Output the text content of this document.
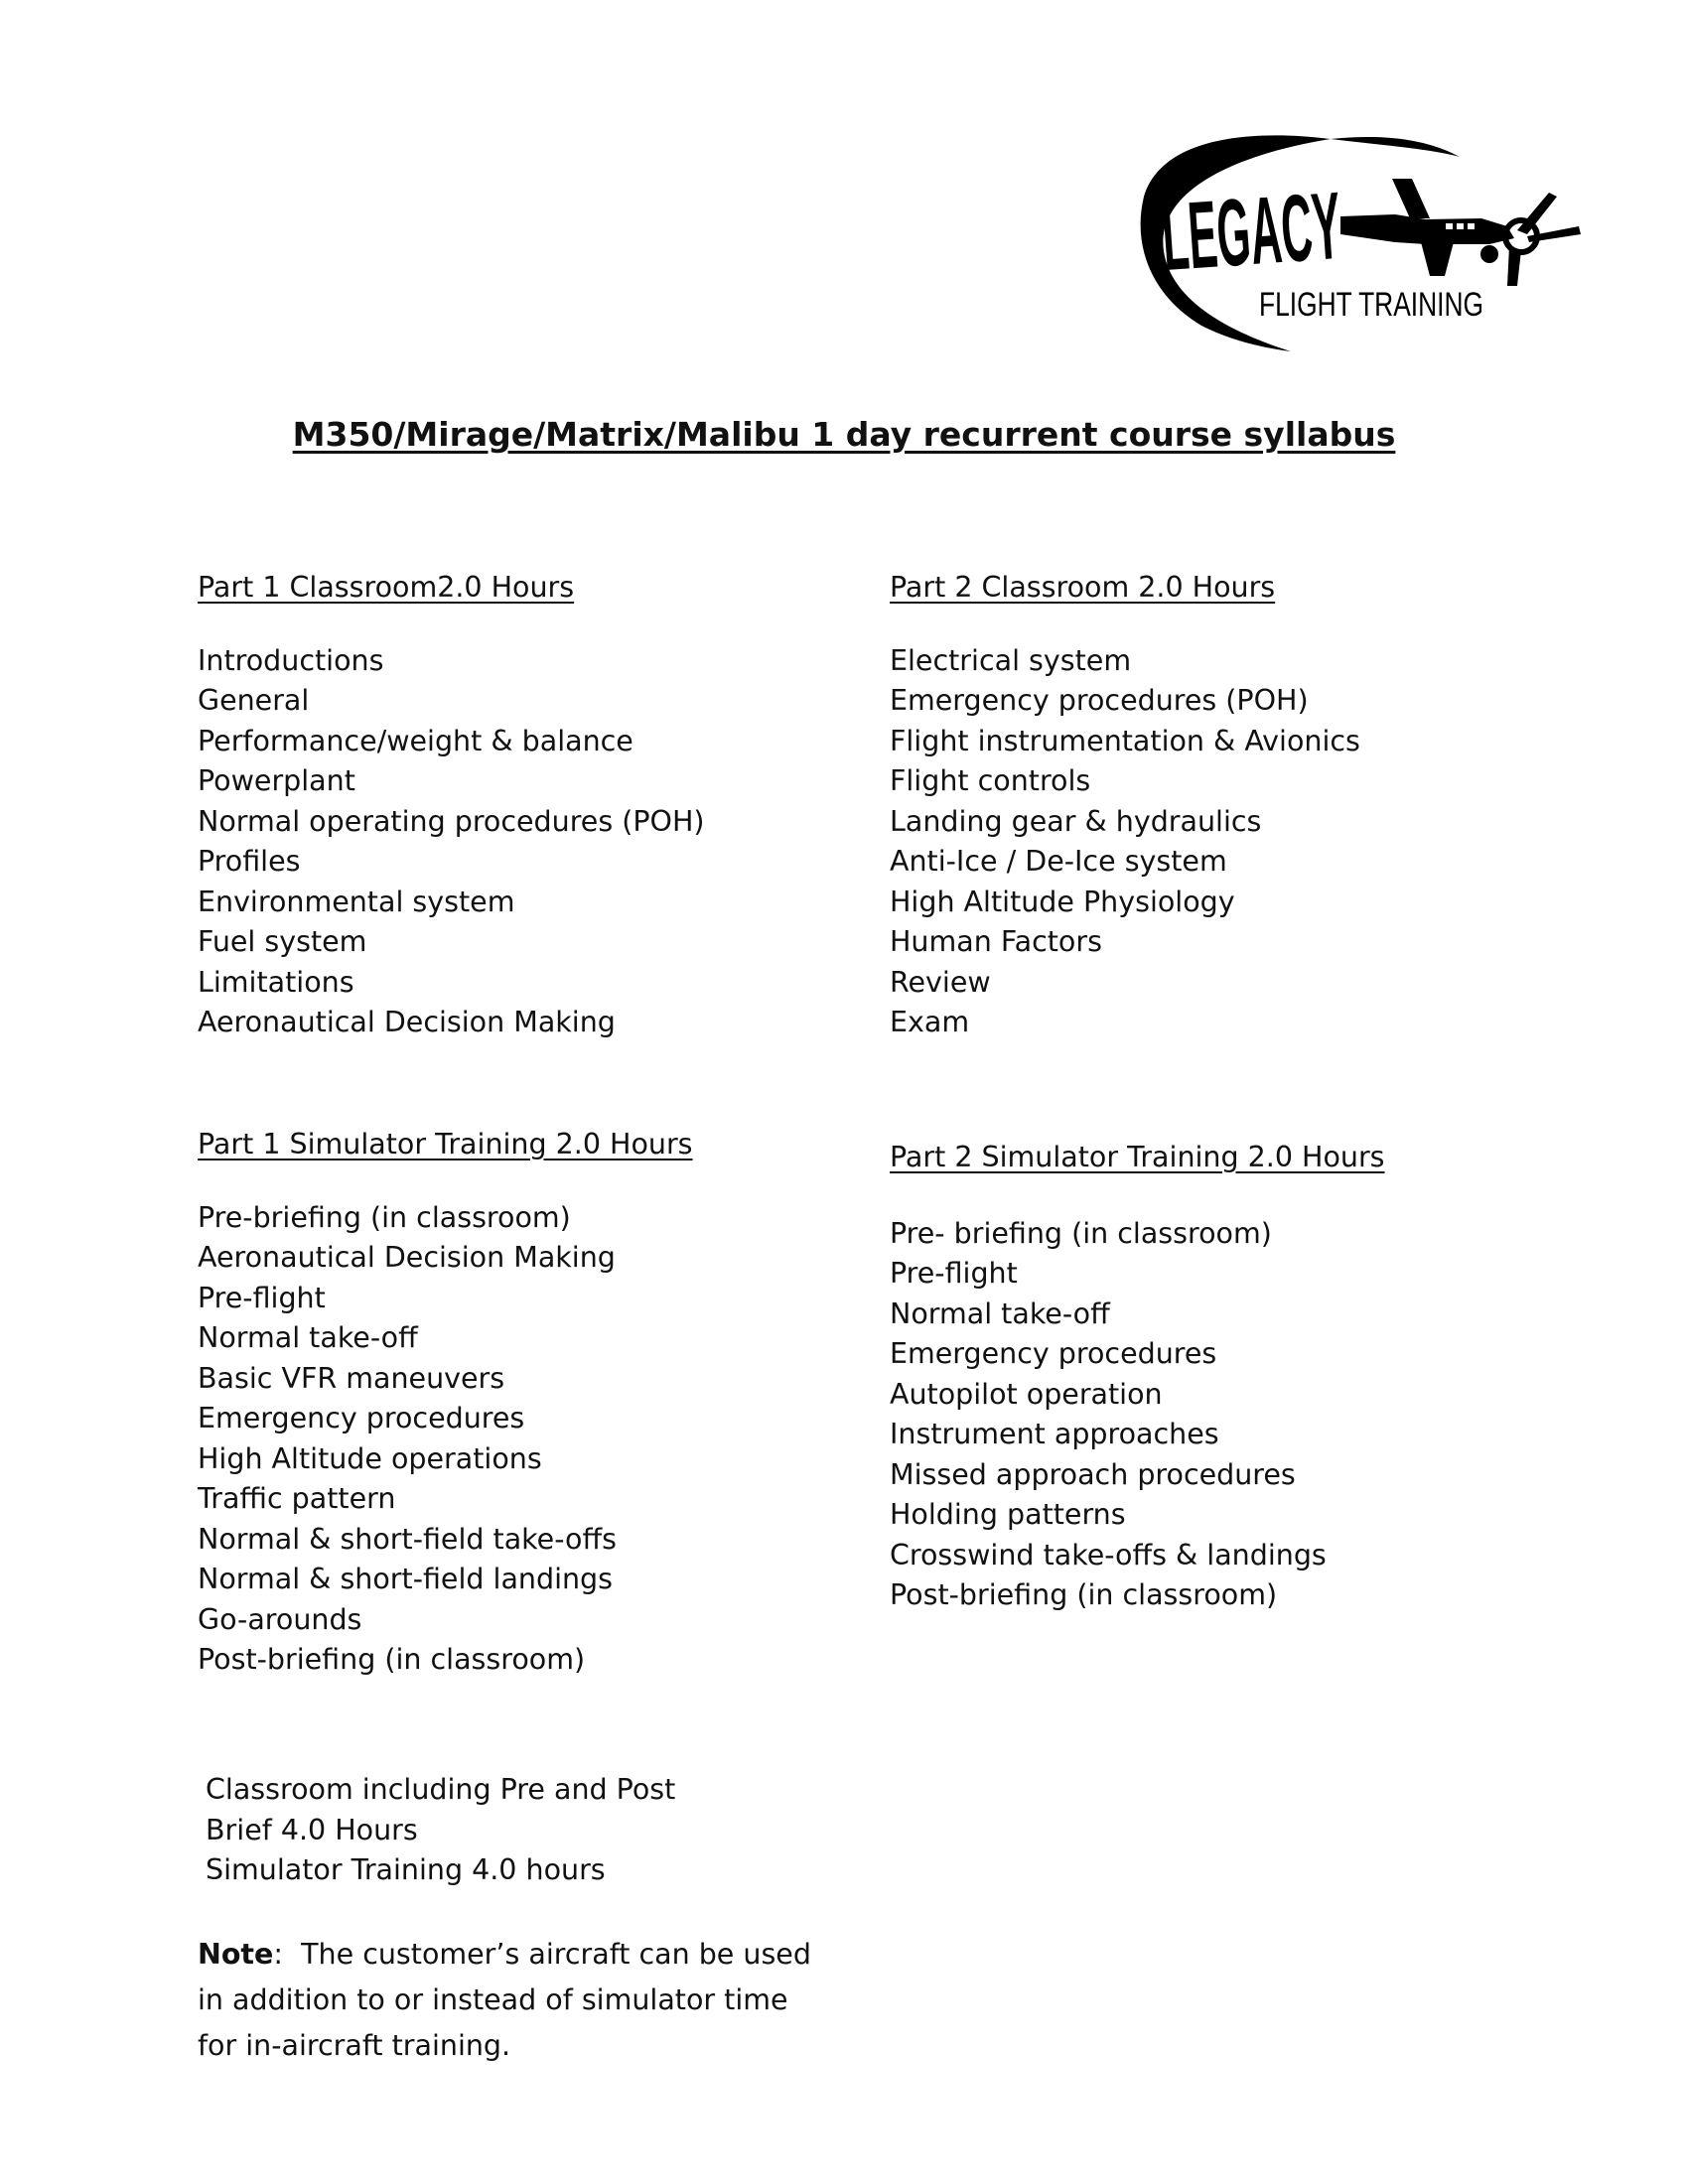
LEGACY
FLIGHT TRAINING
M350/Mirage/Matrix/Malibu 1 day recurrent course syllabus
Part 1 Classroom2.0 Hours
Introductions
General
Performance/weight & balance
Powerplant
Normal operating procedures (POH)
Profiles
Environmental system
Fuel system
Limitations
Aeronautical Decision Making
Part 2 Classroom 2.0 Hours
Electrical system
Emergency procedures (POH)
Flight instrumentation & Avionics
Flight controls
Landing gear & hydraulics
Anti-Ice / De-Ice system
High Altitude Physiology
Human Factors
Review
Exam
Part 1 Simulator Training 2.0 Hours
Pre-briefing (in classroom)
Aeronautical Decision Making
Pre-flight
Normal take-off
Basic VFR maneuvers
Emergency procedures
High Altitude operations
Traffic pattern
Normal & short-field take-offs
Normal & short-field landings
Go-arounds
Post-briefing (in classroom)
Part 2 Simulator Training 2.0 Hours
Pre- briefing (in classroom)
Pre-flight
Normal take-off
Emergency procedures
Autopilot operation
Instrument approaches
Missed approach procedures
Holding patterns
Crosswind take-offs & landings
Post-briefing (in classroom)
Classroom including Pre and Post
Brief 4.0 Hours
Simulator Training 4.0 hours
Note:  The customer’s aircraft can be used in addition to or instead of simulator time for in-aircraft training.
